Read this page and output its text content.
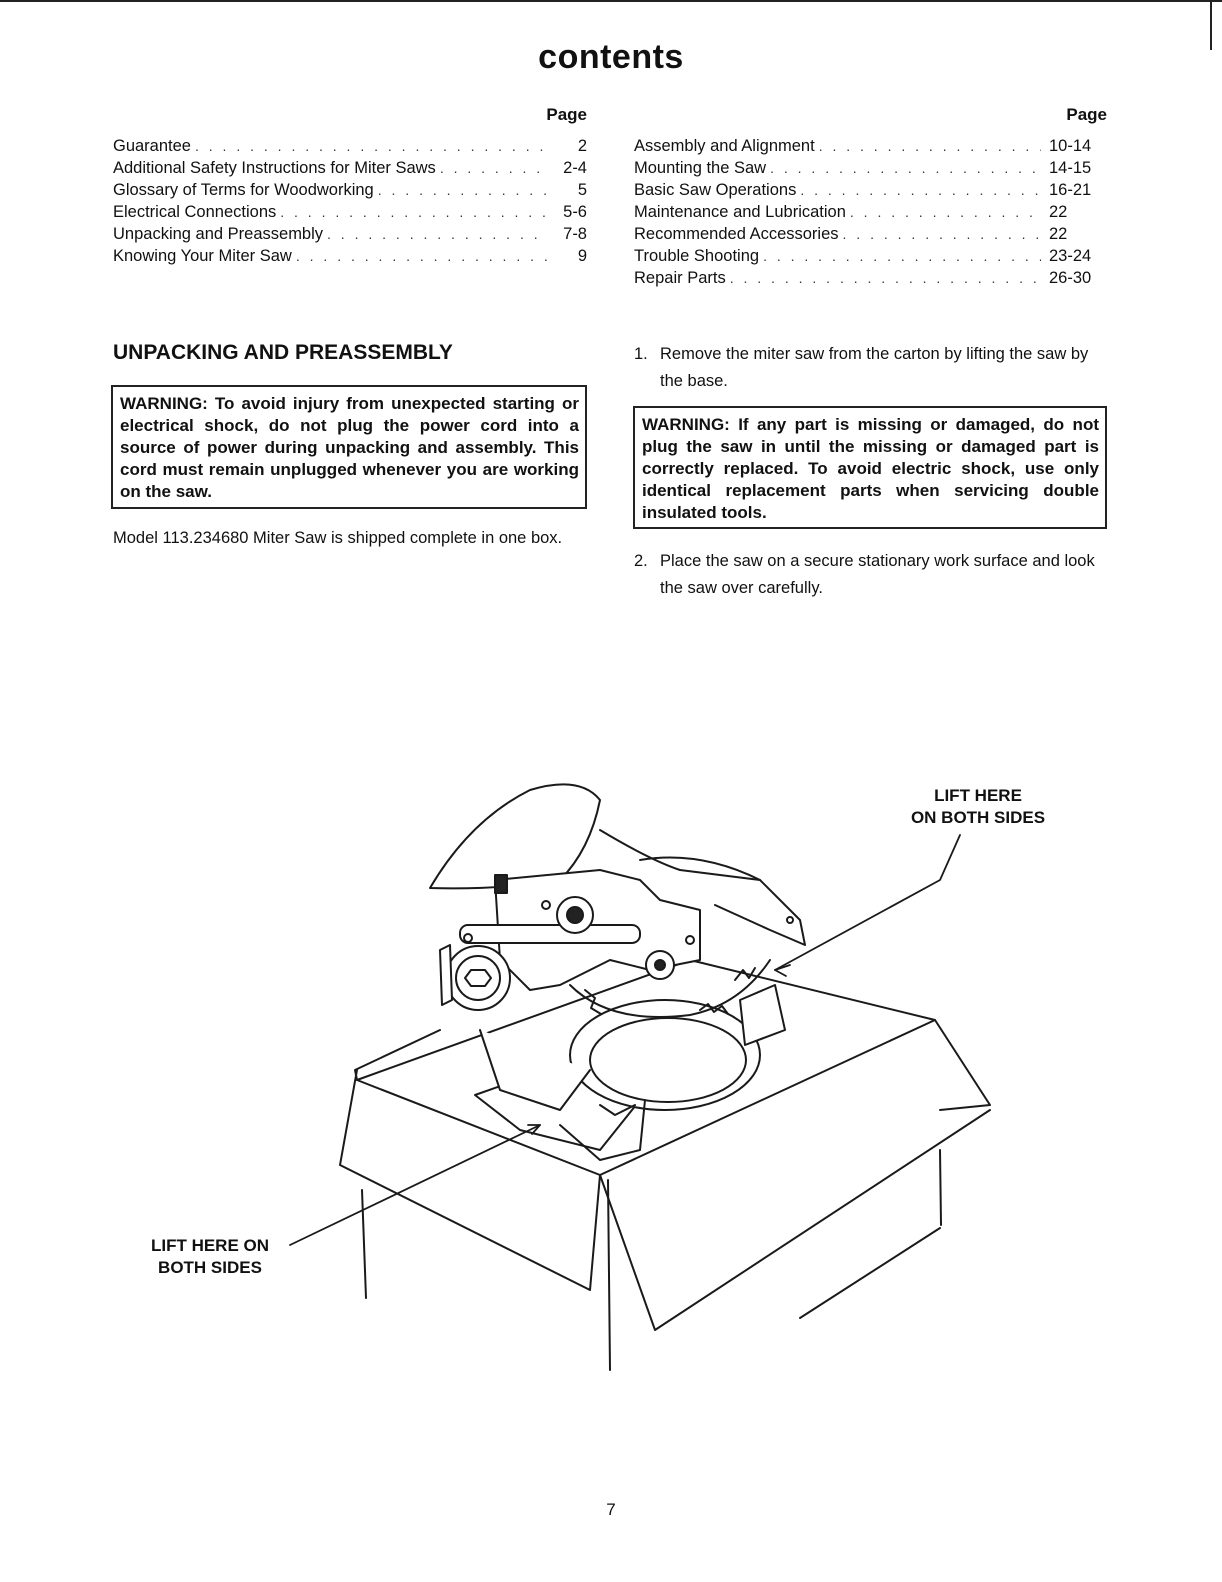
contents
Page
Guarantee . . .	2
Additional Safety Instructions for Miter Saws . . .	2-4
Glossary of Terms for Woodworking . . .	5
Electrical Connections . . .	5-6
Unpacking and Preassembly . . .	7-8
Knowing Your Miter Saw . . .	9
Page
Assembly and Alignment . . .	10-14
Mounting the Saw . . .	14-15
Basic Saw Operations . . .	16-21
Maintenance and Lubrication . . .	22
Recommended Accessories . . .	22
Trouble Shooting . . .	23-24
Repair Parts . . .	26-30
UNPACKING AND PREASSEMBLY
WARNING: To avoid injury from unexpected starting or electrical shock, do not plug the power cord into a source of power during unpacking and assembly. This cord must remain unplugged whenever you are working on the saw.
Model 113.234680 Miter Saw is shipped complete in one box.
1. Remove the miter saw from the carton by lifting the saw by the base.
WARNING: If any part is missing or damaged, do not plug the saw in until the missing or damaged part is correctly replaced. To avoid electric shock, use only identical replacement parts when servicing double insulated tools.
2. Place the saw on a secure stationary work surface and look the saw over carefully.
LIFT HERE
ON BOTH SIDES
LIFT HERE ON
BOTH SIDES
7
